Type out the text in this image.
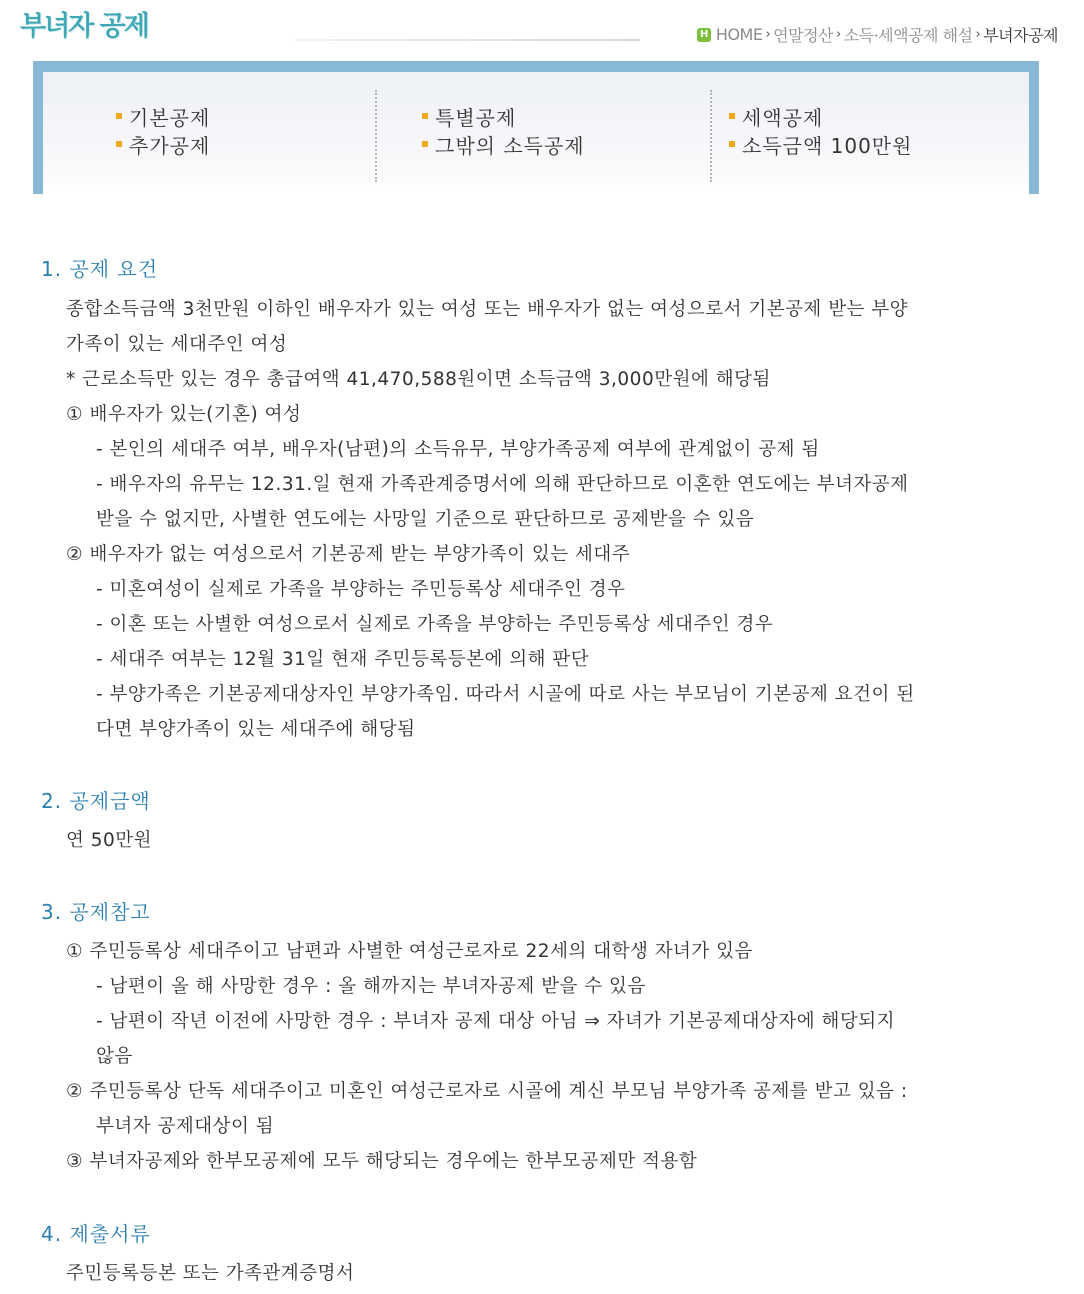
부녀자 공제	H HOME › 연말정산 › 소득·세액공제 해설 › 부녀자공제
기본공제
추가공제
특별공제
그밖의 소득공제
세액공제
소득금액 100만원
1. 공제 요건

종합소득금액 3천만원 이하인 배우자가 있는 여성 또는 배우자가 없는 여성으로서 기본공제 받는 부양

가족이 있는 세대주인 여성

* 근로소득만 있는 경우 총급여액 41,470,588원이면 소득금액 3,000만원에 해당됨

① 배우자가 있는(기혼) 여성

- 본인의 세대주 여부, 배우자(남편)의 소득유무, 부양가족공제 여부에 관계없이 공제 됨

- 배우자의 유무는 12.31.일 현재 가족관계증명서에 의해 판단하므로 이혼한 연도에는 부녀자공제

받을 수 없지만, 사별한 연도에는 사망일 기준으로 판단하므로 공제받을 수 있음

② 배우자가 없는 여성으로서 기본공제 받는 부양가족이 있는 세대주

- 미혼여성이 실제로 가족을 부양하는 주민등록상 세대주인 경우

- 이혼 또는 사별한 여성으로서 실제로 가족을 부양하는 주민등록상 세대주인 경우

- 세대주 여부는 12월 31일 현재 주민등록등본에 의해 판단

- 부양가족은 기본공제대상자인 부양가족임. 따라서 시골에 따로 사는 부모님이 기본공제 요건이 된

다면 부양가족이 있는 세대주에 해당됨

2. 공제금액

연 50만원

3. 공제참고

① 주민등록상 세대주이고 남편과 사별한 여성근로자로 22세의 대학생 자녀가 있음

- 남편이 올 해 사망한 경우 : 올 해까지는 부녀자공제 받을 수 있음

- 남편이 작년 이전에 사망한 경우 : 부녀자 공제 대상 아님 ⇒ 자녀가 기본공제대상자에 해당되지

않음

② 주민등록상 단독 세대주이고 미혼인 여성근로자로 시골에 계신 부모님 부양가족 공제를 받고 있음 :

부녀자 공제대상이 됨

③ 부녀자공제와 한부모공제에 모두 해당되는 경우에는 한부모공제만 적용함

4. 제출서류

주민등록등본 또는 가족관계증명서
